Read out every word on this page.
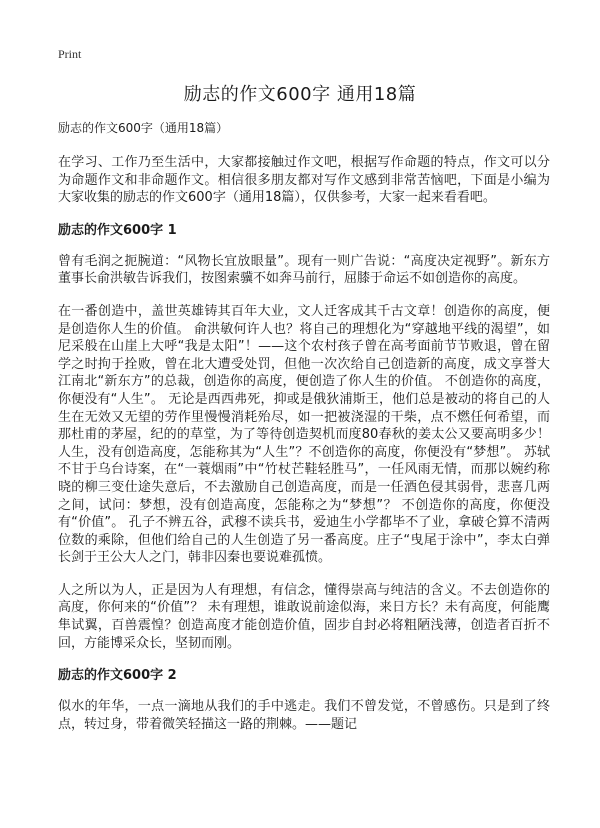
Print
励志的作文600字 通用18篇
励志的作文600字（通用18篇）

在学习、工作乃至生活中，大家都接触过作文吧，根据写作命题的特点，作文可以分为命题作文和非命题作文。相信很多朋友都对写作文感到非常苦恼吧，下面是小编为大家收集的励志的作文600字（通用18篇），仅供参考，大家一起来看看吧。

励志的作文600字 1

曾有毛润之扼腕道：“风物长宜放眼量”。现有一则广告说：“高度决定视野”。新东方董事长俞洪敏告诉我们，按图索骥不如奔马前行，屈膝于命运不如创造你的高度。

在一番创造中，盖世英雄铸其百年大业，文人迁客成其千古文章！创造你的高度，便是创造你人生的价值。 俞洪敏何许人也？将自己的理想化为“穿越地平线的渴望”，如尼采般在山崖上大呼“我是太阳”！——这个农村孩子曾在高考面前节节败退，曾在留学之时拘于拴败，曾在北大遭受处罚，但他一次次给自己创造新的高度，成文享誉大江南北“新东方”的总裁，创造你的高度，便创造了你人生的价值。 不创造你的高度，你便没有“人生”。 无论是西西弗死，抑或是俄狄浦斯王，他们总是被动的将自己的人生在无效又无望的劳作里慢慢消耗殆尽，如一把被浇湿的干柴，点不燃任何希望，而那杜甫的茅屋，纪的的草堂，为了等待创造契机而度80春秋的姜太公又要高明多少！人生，没有创造高度，怎能称其为“人生”？不创造你的高度，你便没有“梦想”。 苏轼不甘于乌台诗案，在“一蓑烟雨”中“竹杖芒鞋轻胜马”，一任风雨无情，而那以婉约称晓的柳三变仕途失意后，不去激励自己创造高度，而是一任酒色侵其弱骨，悲喜几两之间，试问：梦想，没有创造高度，怎能称之为“梦想”？ 不创造你的高度，你便没有“价值”。 孔子不辨五谷，武穆不读兵书，爱迪生小学都毕不了业，拿破仑算不清两位数的乘除，但他们给自己的人生创造了另一番高度。庄子“曳尾于涂中”，李太白弹长剑于王公大人之门，韩非囚秦也要说难孤愤。

人之所以为人，正是因为人有理想，有信念，懂得崇高与纯洁的含义。不去创造你的高度，你何来的“价值”？ 未有理想，谁敢说前途似海，来日方长？未有高度，何能鹰隼试翼，百兽震惶？创造高度才能创造价值，固步自封必将粗陋浅薄，创造者百折不回，方能博采众长，坚韧而刚。

励志的作文600字 2

似水的年华，一点一滴地从我们的手中逃走。我们不曾发觉，不曾感伤。只是到了终点，转过身，带着微笑轻描这一路的荆棘。——题记
